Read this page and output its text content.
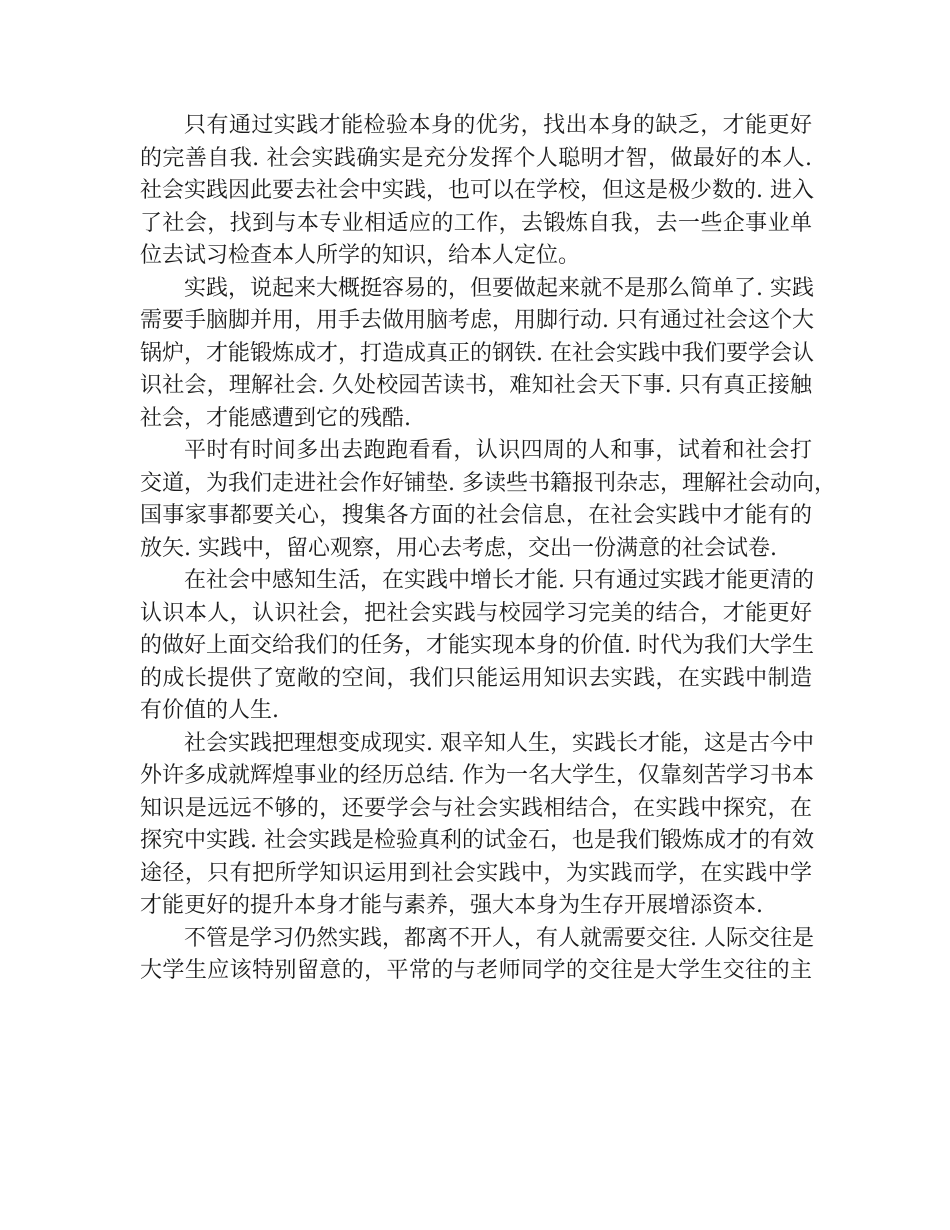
只有通过实践才能检验本身的优劣，找出本身的缺乏，才能更好
的完善自我. 社会实践确实是充分发挥个人聪明才智，做最好的本人.
社会实践因此要去社会中实践，也可以在学校，但这是极少数的. 进入
了社会，找到与本专业相适应的工作，去锻炼自我，去一些企事业单
位去试习检查本人所学的知识，给本人定位。

实践，说起来大概挺容易的，但要做起来就不是那么简单了. 实践
需要手脑脚并用，用手去做用脑考虑，用脚行动. 只有通过社会这个大
锅炉，才能锻炼成才，打造成真正的钢铁. 在社会实践中我们要学会认
识社会，理解社会. 久处校园苦读书，难知社会天下事. 只有真正接触
社会，才能感遭到它的残酷.

平时有时间多出去跑跑看看，认识四周的人和事，试着和社会打
交道，为我们走进社会作好铺垫. 多读些书籍报刊杂志，理解社会动向，
国事家事都要关心，搜集各方面的社会信息，在社会实践中才能有的
放矢. 实践中，留心观察，用心去考虑，交出一份满意的社会试卷.

在社会中感知生活，在实践中增长才能. 只有通过实践才能更清的
认识本人，认识社会，把社会实践与校园学习完美的结合，才能更好
的做好上面交给我们的任务，才能实现本身的价值. 时代为我们大学生
的成长提供了宽敞的空间，我们只能运用知识去实践，在实践中制造
有价值的人生.

社会实践把理想变成现实. 艰辛知人生，实践长才能，这是古今中
外许多成就辉煌事业的经历总结. 作为一名大学生，仅靠刻苦学习书本
知识是远远不够的，还要学会与社会实践相结合，在实践中探究，在
探究中实践. 社会实践是检验真利的试金石，也是我们锻炼成才的有效
途径，只有把所学知识运用到社会实践中，为实践而学，在实践中学
才能更好的提升本身才能与素养，强大本身为生存开展增添资本.

不管是学习仍然实践，都离不开人，有人就需要交往. 人际交往是
大学生应该特别留意的，平常的与老师同学的交往是大学生交往的主
